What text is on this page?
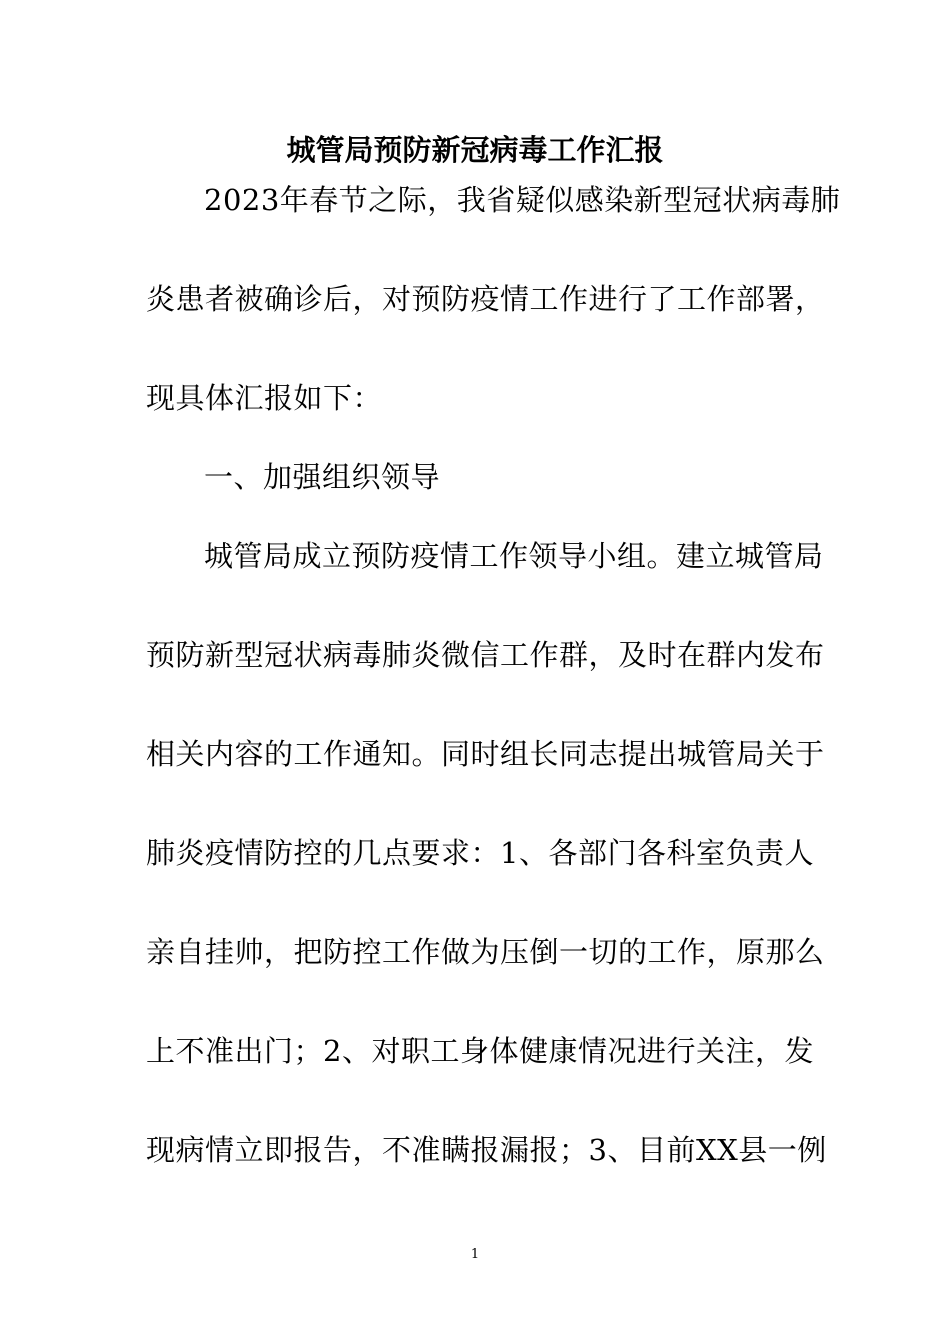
城管局预防新冠病毒工作汇报
2023年春节之际，我省疑似感染新型冠状病毒肺
炎患者被确诊后，对预防疫情工作进行了工作部署，
现具体汇报如下：
一、加强组织领导
城管局成立预防疫情工作领导小组。建立城管局
预防新型冠状病毒肺炎微信工作群，及时在群内发布
相关内容的工作通知。同时组长同志提出城管局关于
肺炎疫情防控的几点要求：1、各部门各科室负责人
亲自挂帅，把防控工作做为压倒一切的工作，原那么
上不准出门；2、对职工身体健康情况进行关注，发
现病情立即报告，不准瞒报漏报；3、目前XX县一例
1
